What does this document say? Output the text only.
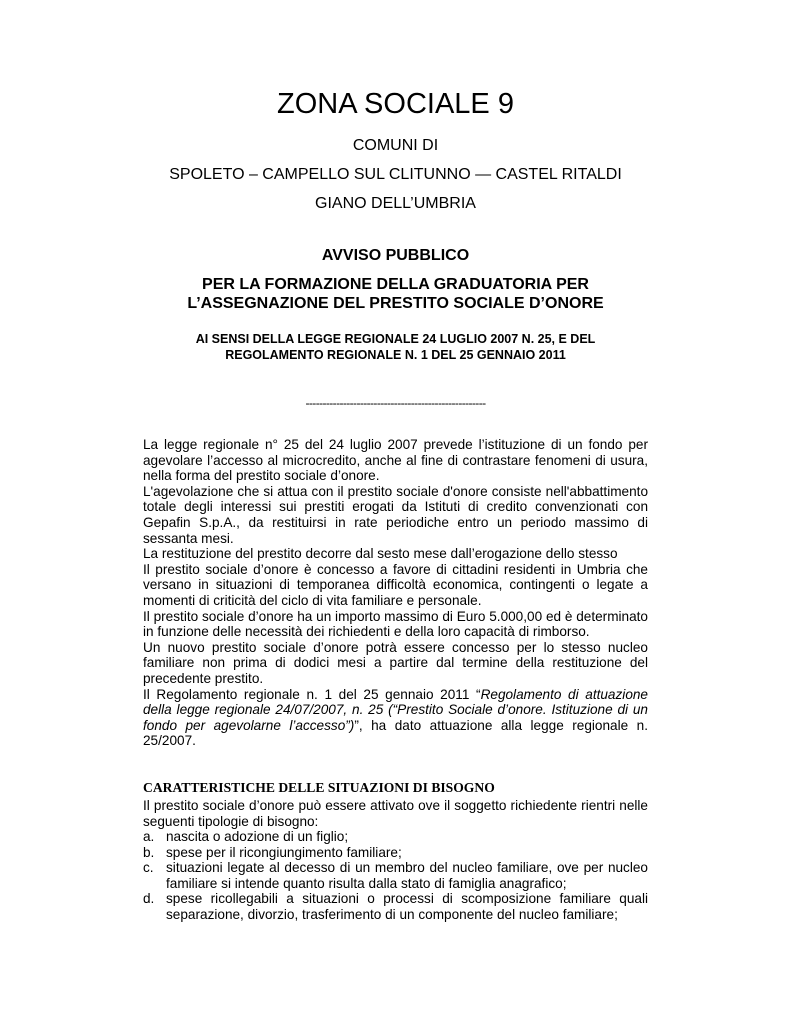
ZONA SOCIALE 9
COMUNI DI
SPOLETO – CAMPELLO SUL CLITUNNO — CASTEL RITALDI
GIANO DELL’UMBRIA
AVVISO PUBBLICO
PER LA FORMAZIONE DELLA GRADUATORIA PER
L’ASSEGNAZIONE DEL PRESTITO SOCIALE D’ONORE
AI SENSI DELLA LEGGE REGIONALE 24 LUGLIO 2007 N. 25, E DEL
REGOLAMENTO REGIONALE N. 1 DEL 25 GENNAIO 2011
-----------------------------------------------------

La legge regionale n° 25 del 24 luglio 2007 prevede l’istituzione di un fondo per agevolare l’accesso al microcredito, anche al fine di contrastare fenomeni di usura, nella forma del prestito sociale d’onore.

L'agevolazione che si attua con il prestito sociale d'onore consiste nell'abbattimento totale degli interessi sui prestiti erogati da Istituti di credito convenzionati con Gepafin S.p.A., da restituirsi in rate periodiche entro un periodo massimo di sessanta mesi.

La restituzione del prestito decorre dal sesto mese dall’erogazione dello stesso

Il prestito sociale d’onore è concesso a favore di cittadini residenti in Umbria che versano in situazioni di temporanea difficoltà economica, contingenti o legate a momenti di criticità del ciclo di vita familiare e personale.

Il prestito sociale d’onore ha un importo massimo di Euro 5.000,00 ed è determinato in funzione delle necessità dei richiedenti e della loro capacità di rimborso.

Un nuovo prestito sociale d’onore potrà essere concesso per lo stesso nucleo familiare non prima di dodici mesi a partire dal termine della restituzione del precedente prestito.

Il Regolamento regionale n. 1 del 25 gennaio 2011 “Regolamento di attuazione della legge regionale 24/07/2007, n. 25 (“Prestito Sociale d’onore. Istituzione di un fondo per agevolarne l’accesso”)”, ha dato attuazione alla legge regionale n. 25/2007.

CARATTERISTICHE DELLE SITUAZIONI DI BISOGNO
Il prestito sociale d’onore può essere attivato ove il soggetto richiedente rientri nelle seguenti tipologie di bisogno:
a. nascita o adozione di un figlio;
b. spese per il ricongiungimento familiare;
c. situazioni legate al decesso di un membro del nucleo familiare, ove per nucleo familiare si intende quanto risulta dalla stato di famiglia anagrafico;
d. spese ricollegabili a situazioni o processi di scomposizione familiare quali separazione, divorzio, trasferimento di un componente del nucleo familiare;
